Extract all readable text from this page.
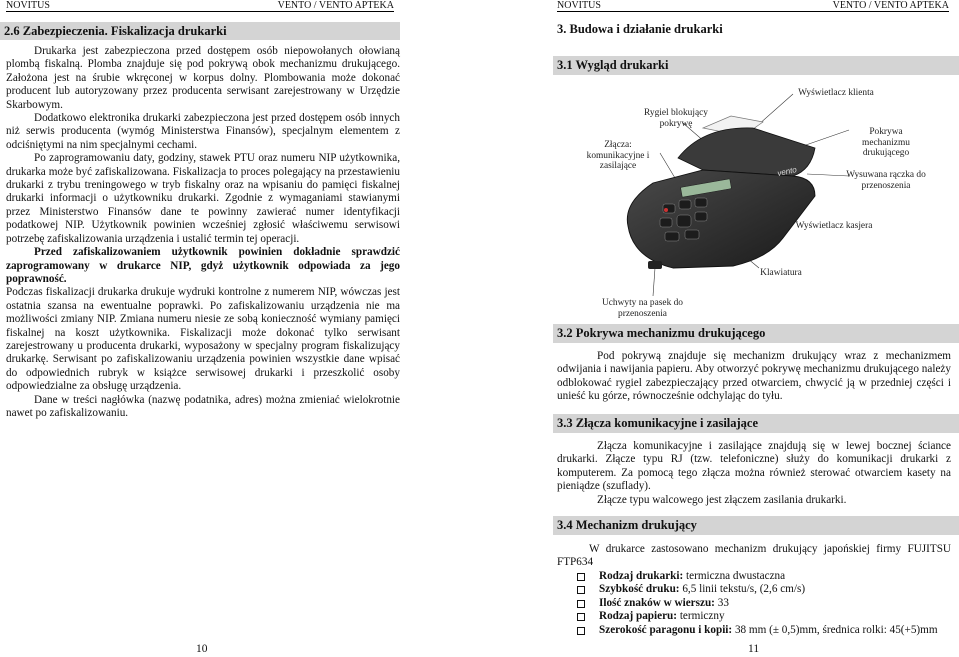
NOVITUS	VENTO / VENTO APTEKA
2.6 Zabezpieczenia. Fiskalizacja drukarki

Drukarka jest zabezpieczona przed dostępem osób niepowołanych ołowianą plombą fiskalną. Plomba znajduje się pod pokrywą obok mechanizmu drukującego. Założona jest na śrubie wkręconej w korpus dolny. Plombowania może dokonać producent lub autoryzowany przez producenta serwisant zarejestrowany w Urzędzie Skarbowym.

Dodatkowo elektronika drukarki zabezpieczona jest przed dostępem osób innych niż serwis producenta (wymóg Ministerstwa Finansów), specjalnym elementem z odciśniętymi na nim specjalnymi cechami.

Po zaprogramowaniu daty, godziny, stawek PTU oraz numeru NIP użytkownika, drukarka może być zafiskalizowana. Fiskalizacja to proces polegający na przestawieniu drukarki z trybu treningowego w tryb fiskalny oraz na wpisaniu do pamięci fiskalnej drukarki informacji o użytkowniku drukarki. Zgodnie z wymaganiami stawianymi przez Ministerstwo Finansów dane te powinny zawierać numer identyfikacji podatkowej NIP. Użytkownik powinien wcześniej zgłosić właściwemu serwisowi potrzebę zafiskalizowania urządzenia i ustalić termin tej operacji.

Przed zafiskalizowaniem użytkownik powinien dokładnie sprawdzić zaprogramowany w drukarce NIP, gdyż użytkownik odpowiada za jego poprawność.

Podczas fiskalizacji drukarka drukuje wydruki kontrolne z numerem NIP, wówczas jest ostatnia szansa na ewentualne poprawki. Po zafiskalizowaniu urządzenia nie ma możliwości zmiany NIP. Zmiana numeru niesie ze sobą konieczność wymiany pamięci fiskalnej na koszt użytkownika. Fiskalizacji może dokonać tylko serwisant zarejestrowany u producenta drukarki, wyposażony w specjalny program fiskalizujący drukarkę. Serwisant po zafiskalizowaniu urządzenia powinien wszystkie dane wpisać do odpowiednich rubryk w książce serwisowej drukarki i przeszkolić osoby odpowiedzialne za obsługę urządzenia.

Dane w treści nagłówka (nazwę podatnika, adres) można zmieniać wielokrotnie nawet po zafiskalizowaniu.

10
NOVITUS	VENTO / VENTO APTEKA
3. Budowa i działanie drukarki
3.1 Wygląd drukarki
vento
Rygiel blokujący pokrywę
Wyświetlacz klienta
Pokrywa mechanizmu drukującego
Złącza: komunikacyjne i zasilające
Wysuwana rączka do przenoszenia
Wyświetlacz kasjera
Klawiatura
Uchwyty na pasek do przenoszenia
3.2 Pokrywa mechanizmu drukującego

Pod pokrywą znajduje się mechanizm drukujący wraz z mechanizmem odwijania i nawijania papieru. Aby otworzyć pokrywę mechanizmu drukującego należy odblokować rygiel zabezpieczający przed otwarciem, chwycić ją w przedniej części i unieść ku górze, równocześnie odchylając do tyłu.

3.3 Złącza komunikacyjne i zasilające

Złącza komunikacyjne i zasilające znajdują się w lewej bocznej ściance drukarki. Złącze typu RJ (tzw. telefoniczne) służy do komunikacji drukarki z komputerem. Za pomocą tego złącza można również sterować otwarciem kasety na pieniądze (szuflady).

Złącze typu walcowego jest złączem zasilania drukarki.

3.4 Mechanizm drukujący

W drukarce zastosowano mechanizm drukujący japońskiej firmy FUJITSU FTP634

Rodzaj drukarki: termiczna dwustaczna
Szybkość druku: 6,5 linii tekstu/s, (2,6 cm/s)
Ilość znaków w wierszu: 33
Rodzaj papieru: termiczny
Szerokość paragonu i kopii: 38 mm (± 0,5)mm, średnica rolki: 45(+5)mm
11
